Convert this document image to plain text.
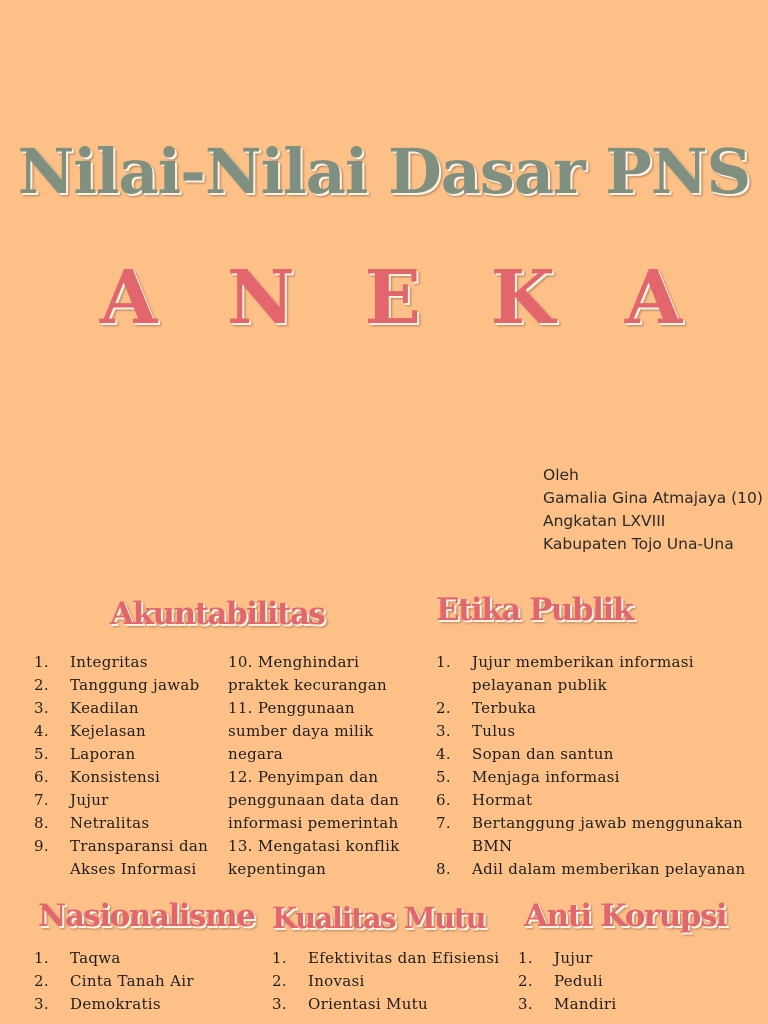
Nilai-Nilai Dasar PNS
A N E K A
Oleh
Gamalia Gina Atmajaya (10)
Angkatan LXVIII
Kabupaten Tojo Una-Una
Akuntabilitas
1. Integritas
2. Tanggung jawab
3. Keadilan
4. Kejelasan
5. Laporan
6. Konsistensi
7. Jujur
8. Netralitas
9. Transparansi dan
Akses Informasi
10. Menghindari
praktek kecurangan
11. Penggunaan
sumber daya milik
negara
12. Penyimpan dan
penggunaan data dan
informasi pemerintah
13. Mengatasi konflik
kepentingan
Etika Publik
1. Jujur memberikan informasi
pelayanan publik
2. Terbuka
3. Tulus
4. Sopan dan santun
5. Menjaga informasi
6. Hormat
7. Bertanggung jawab menggunakan
BMN
8. Adil dalam memberikan pelayanan
Nasionalisme
1. Taqwa
2. Cinta Tanah Air
3. Demokratis
Kualitas Mutu
1. Efektivitas dan Efisiensi
2. Inovasi
3. Orientasi Mutu
Anti Korupsi
1. Jujur
2. Peduli
3. Mandiri
